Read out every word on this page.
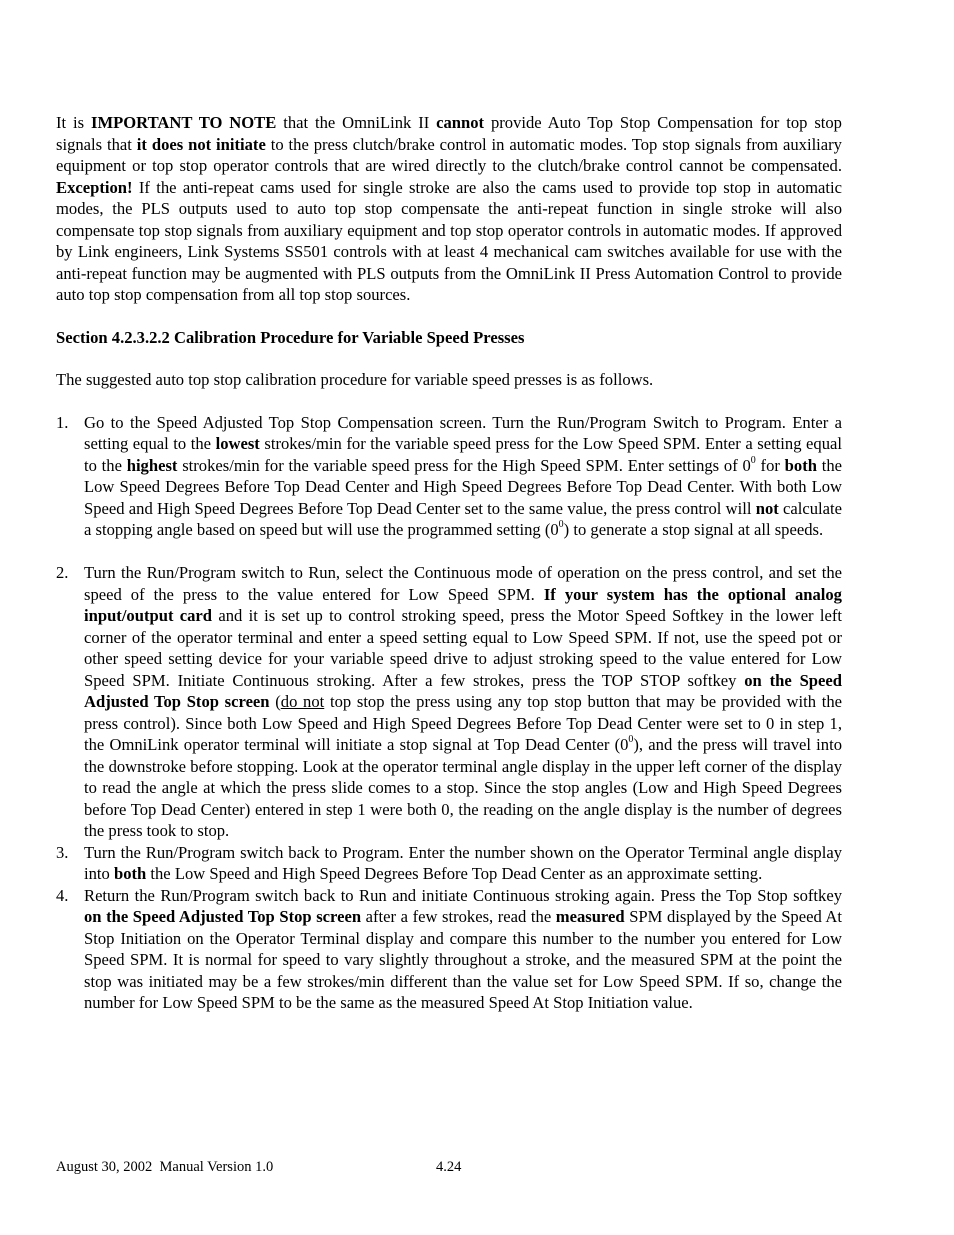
It is IMPORTANT TO NOTE that the OmniLink II cannot provide Auto Top Stop Compensation for top stop signals that it does not initiate to the press clutch/brake control in automatic modes. Top stop signals from auxiliary equipment or top stop operator controls that are wired directly to the clutch/brake control cannot be compensated. Exception! If the anti-repeat cams used for single stroke are also the cams used to provide top stop in automatic modes, the PLS outputs used to auto top stop compensate the anti-repeat function in single stroke will also compensate top stop signals from auxiliary equipment and top stop operator controls in automatic modes. If approved by Link engineers, Link Systems SS501 controls with at least 4 mechanical cam switches available for use with the anti-repeat function may be augmented with PLS outputs from the OmniLink II Press Automation Control to provide auto top stop compensation from all top stop sources.

Section 4.2.3.2.2 Calibration Procedure for Variable Speed Presses

The suggested auto top stop calibration procedure for variable speed presses is as follows.

1. Go to the Speed Adjusted Top Stop Compensation screen. Turn the Run/Program Switch to Program. Enter a setting equal to the lowest strokes/min for the variable speed press for the Low Speed SPM. Enter a setting equal to the highest strokes/min for the variable speed press for the High Speed SPM. Enter settings of $0^0$ for both the Low Speed Degrees Before Top Dead Center and High Speed Degrees Before Top Dead Center. With both Low Speed and High Speed Degrees Before Top Dead Center set to the same value, the press control will not calculate a stopping angle based on speed but will use the programmed setting $(0^0)$ to generate a stop signal at all speeds.
2. Turn the Run/Program switch to Run, select the Continuous mode of operation on the press control, and set the speed of the press to the value entered for Low Speed SPM. If your system has the optional analog input/output card and it is set up to control stroking speed, press the Motor Speed Softkey in the lower left corner of the operator terminal and enter a speed setting equal to Low Speed SPM. If not, use the speed pot or other speed setting device for your variable speed drive to adjust stroking speed to the value entered for Low Speed SPM. Initiate Continuous stroking. After a few strokes, press the TOP STOP softkey on the Speed Adjusted Top Stop screen (do not top stop the press using any top stop button that may be provided with the press control). Since both Low Speed and High Speed Degrees Before Top Dead Center were set to 0 in step 1, the OmniLink operator terminal will initiate a stop signal at Top Dead Center $(0^0)$, and the press will travel into the downstroke before stopping. Look at the operator terminal angle display in the upper left corner of the display to read the angle at which the press slide comes to a stop. Since the stop angles (Low and High Speed Degrees before Top Dead Center) entered in step 1 were both 0, the reading on the angle display is the number of degrees the press took to stop.
3. Turn the Run/Program switch back to Program. Enter the number shown on the Operator Terminal angle display into both the Low Speed and High Speed Degrees Before Top Dead Center as an approximate setting.
4. Return the Run/Program switch back to Run and initiate Continuous stroking again. Press the Top Stop softkey on the Speed Adjusted Top Stop screen after a few strokes, read the measured SPM displayed by the Speed At Stop Initiation on the Operator Terminal display and compare this number to the number you entered for Low Speed SPM. It is normal for speed to vary slightly throughout a stroke, and the measured SPM at the point the stop was initiated may be a few strokes/min different than the value set for Low Speed SPM. If so, change the number for Low Speed SPM to be the same as the measured Speed At Stop Initiation value.
August 30, 2002  Manual Version 1.0	4.24
